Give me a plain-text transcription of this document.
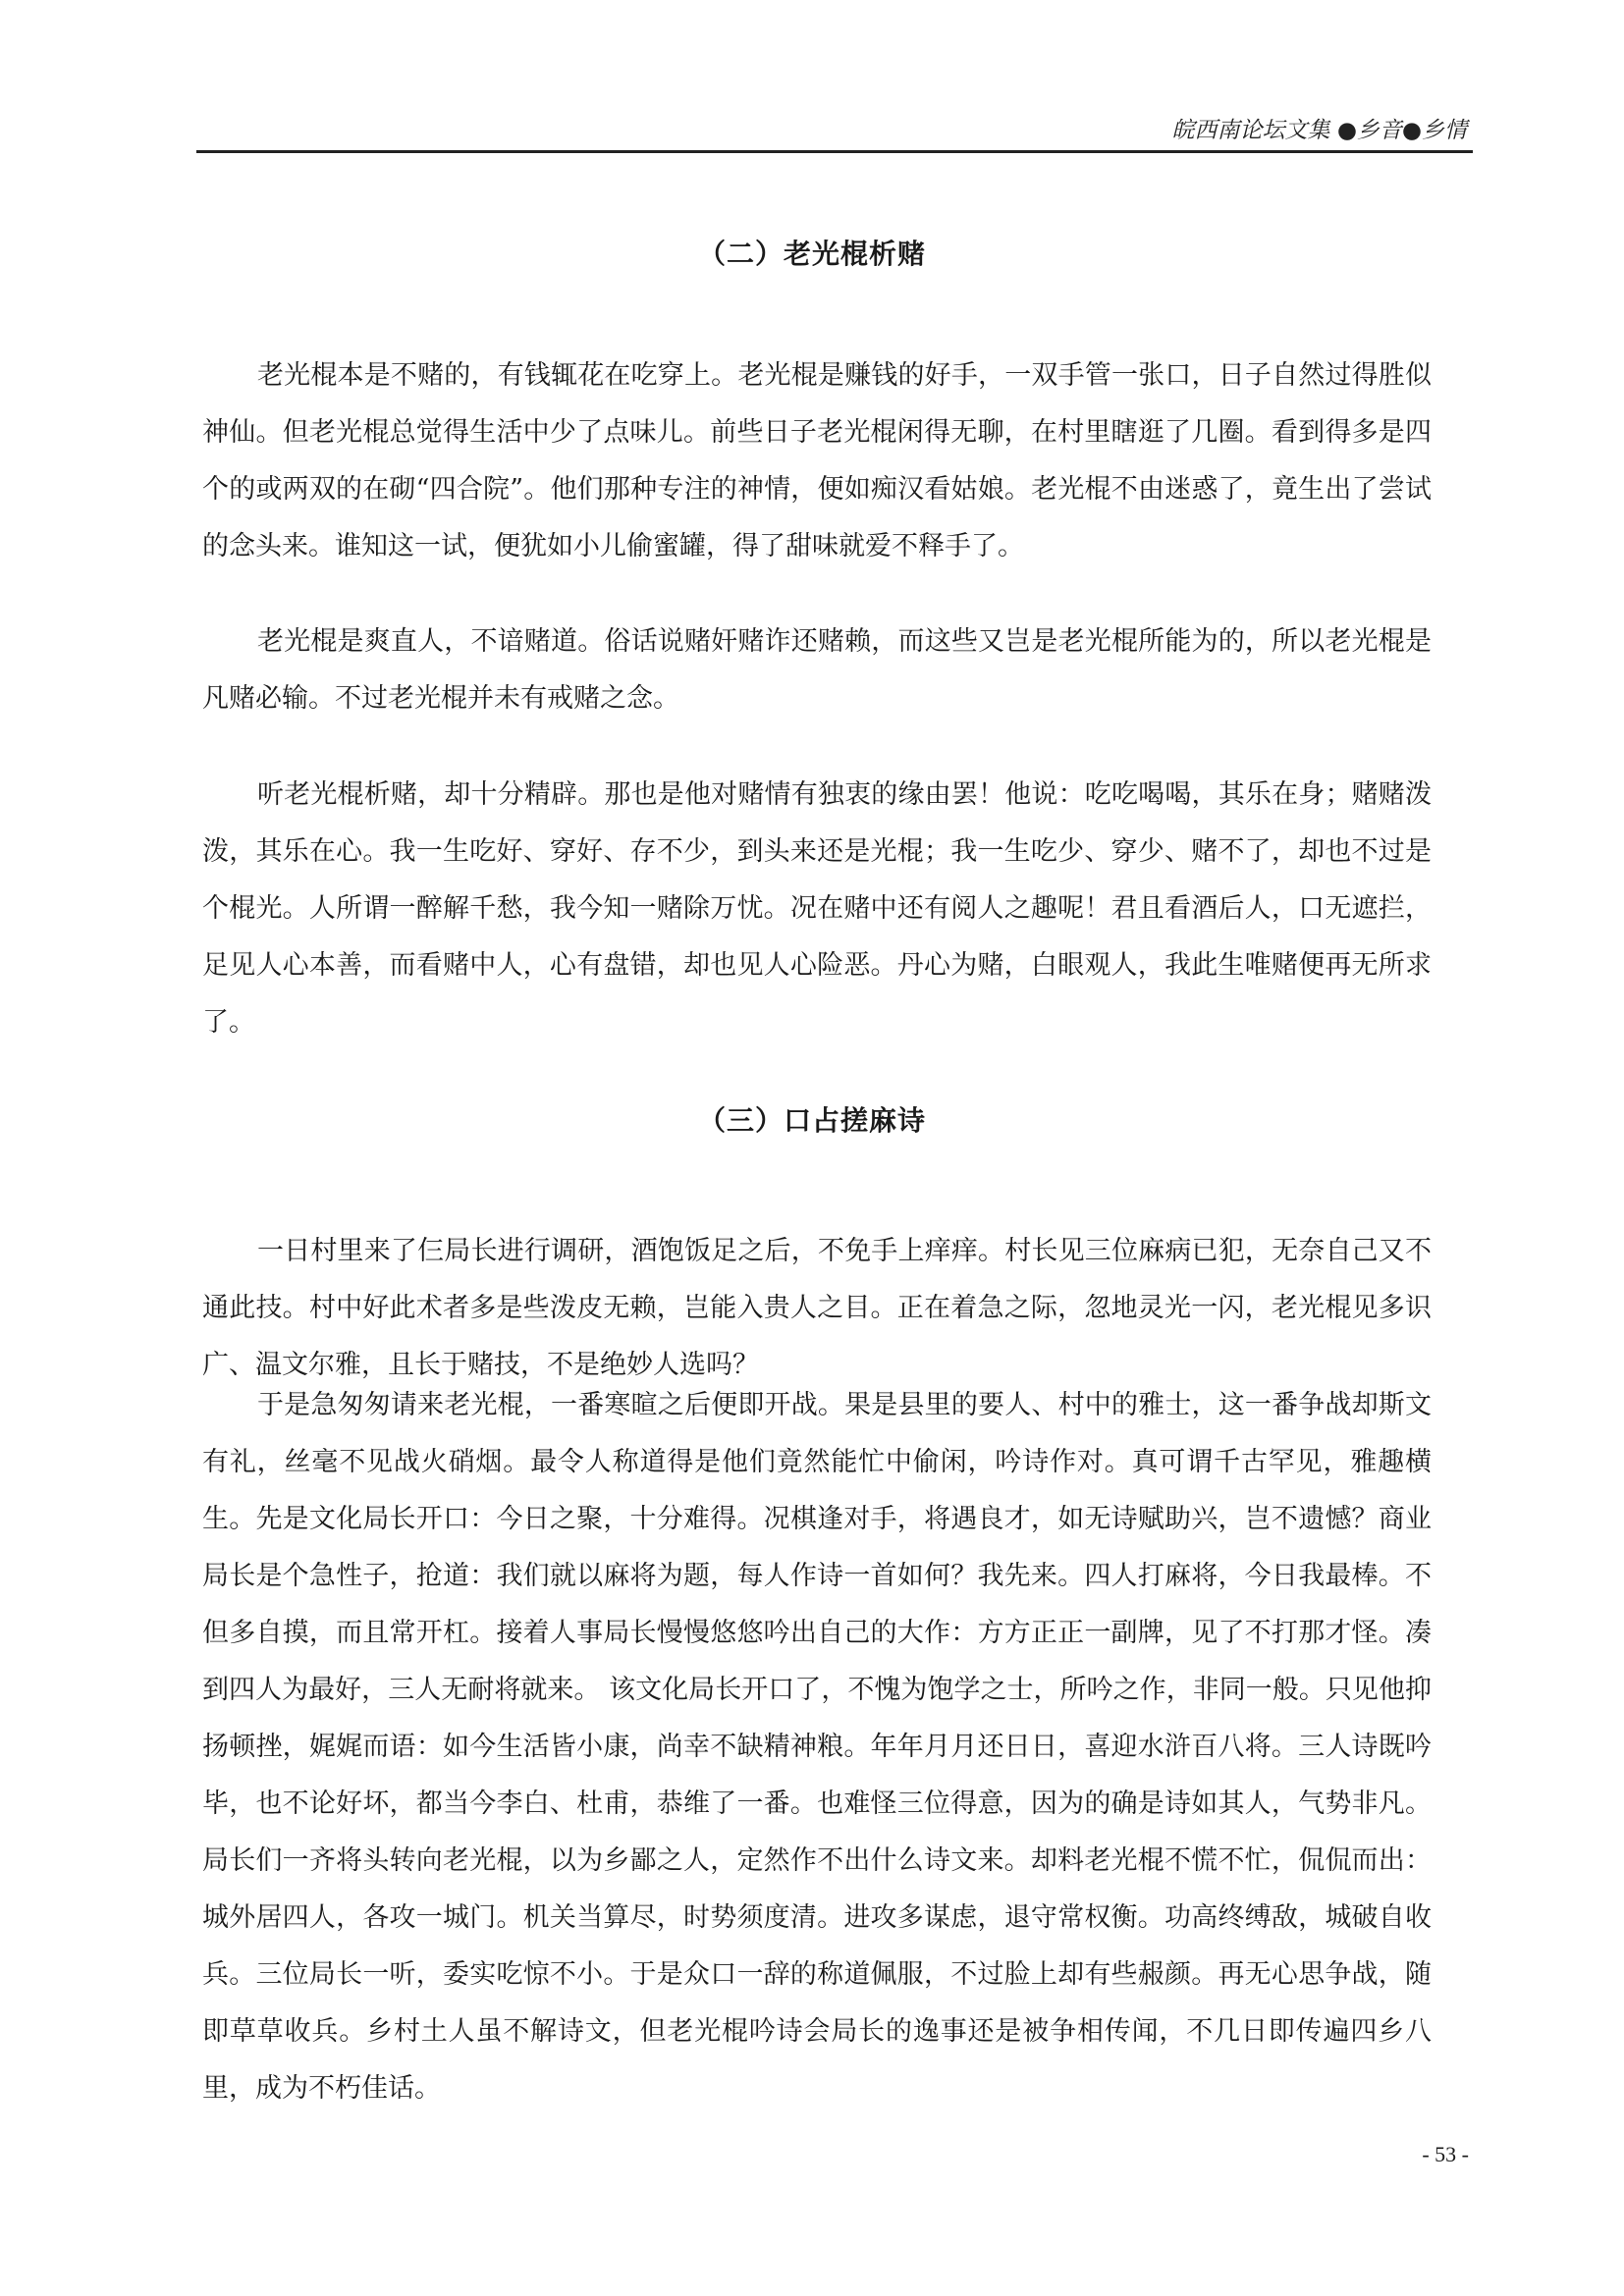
皖西南论坛文集 ●乡音●乡情
（二）老光棍析赌

老光棍本是不赌的，有钱辄花在吃穿上。老光棍是赚钱的好手，一双手管一张口，日子自然过得胜似神仙。但老光棍总觉得生活中少了点味儿。前些日子老光棍闲得无聊，在村里瞎逛了几圈。看到得多是四个的或两双的在砌“四合院”。他们那种专注的神情，便如痴汉看姑娘。老光棍不由迷惑了，竟生出了尝试的念头来。谁知这一试，便犹如小儿偷蜜罐，得了甜味就爱不释手了。

老光棍是爽直人，不谙赌道。俗话说赌奸赌诈还赌赖，而这些又岂是老光棍所能为的，所以老光棍是凡赌必输。不过老光棍并未有戒赌之念。

听老光棍析赌，却十分精辟。那也是他对赌情有独衷的缘由罢！他说：吃吃喝喝，其乐在身；赌赌泼泼，其乐在心。我一生吃好、穿好、存不少，到头来还是光棍；我一生吃少、穿少、赌不了，却也不过是个棍光。人所谓一醉解千愁，我今知一赌除万忧。况在赌中还有阅人之趣呢！君且看酒后人，口无遮拦，足见人心本善，而看赌中人，心有盘错，却也见人心险恶。丹心为赌，白眼观人，我此生唯赌便再无所求了。

（三）口占搓麻诗

一日村里来了仨局长进行调研，酒饱饭足之后，不免手上痒痒。村长见三位麻病已犯，无奈自己又不通此技。村中好此术者多是些泼皮无赖，岂能入贵人之目。正在着急之际，忽地灵光一闪，老光棍见多识广、温文尔雅，且长于赌技，不是绝妙人选吗？

于是急匆匆请来老光棍，一番寒暄之后便即开战。果是县里的要人、村中的雅士，这一番争战却斯文有礼，丝毫不见战火硝烟。最令人称道得是他们竟然能忙中偷闲，吟诗作对。真可谓千古罕见，雅趣横生。先是文化局长开口：今日之聚，十分难得。况棋逢对手，将遇良才，如无诗赋助兴，岂不遗憾？商业局长是个急性子，抢道：我们就以麻将为题，每人作诗一首如何？我先来。四人打麻将，今日我最棒。不但多自摸，而且常开杠。接着人事局长慢慢悠悠吟出自己的大作：方方正正一副牌，见了不打那才怪。凑到四人为最好，三人无耐将就来。 该文化局长开口了，不愧为饱学之士，所吟之作，非同一般。只见他抑扬顿挫，娓娓而语：如今生活皆小康，尚幸不缺精神粮。年年月月还日日，喜迎水浒百八将。三人诗既吟毕，也不论好坏，都当今李白、杜甫，恭维了一番。也难怪三位得意，因为的确是诗如其人，气势非凡。局长们一齐将头转向老光棍，以为乡鄙之人，定然作不出什么诗文来。却料老光棍不慌不忙，侃侃而出：城外居四人，各攻一城门。机关当算尽，时势须度清。进攻多谋虑，退守常权衡。功高终缚敌，城破自收兵。三位局长一听，委实吃惊不小。于是众口一辞的称道佩服，不过脸上却有些赧颜。再无心思争战，随即草草收兵。乡村土人虽不解诗文，但老光棍吟诗会局长的逸事还是被争相传闻，不几日即传遍四乡八里，成为不朽佳话。

- 53 -
